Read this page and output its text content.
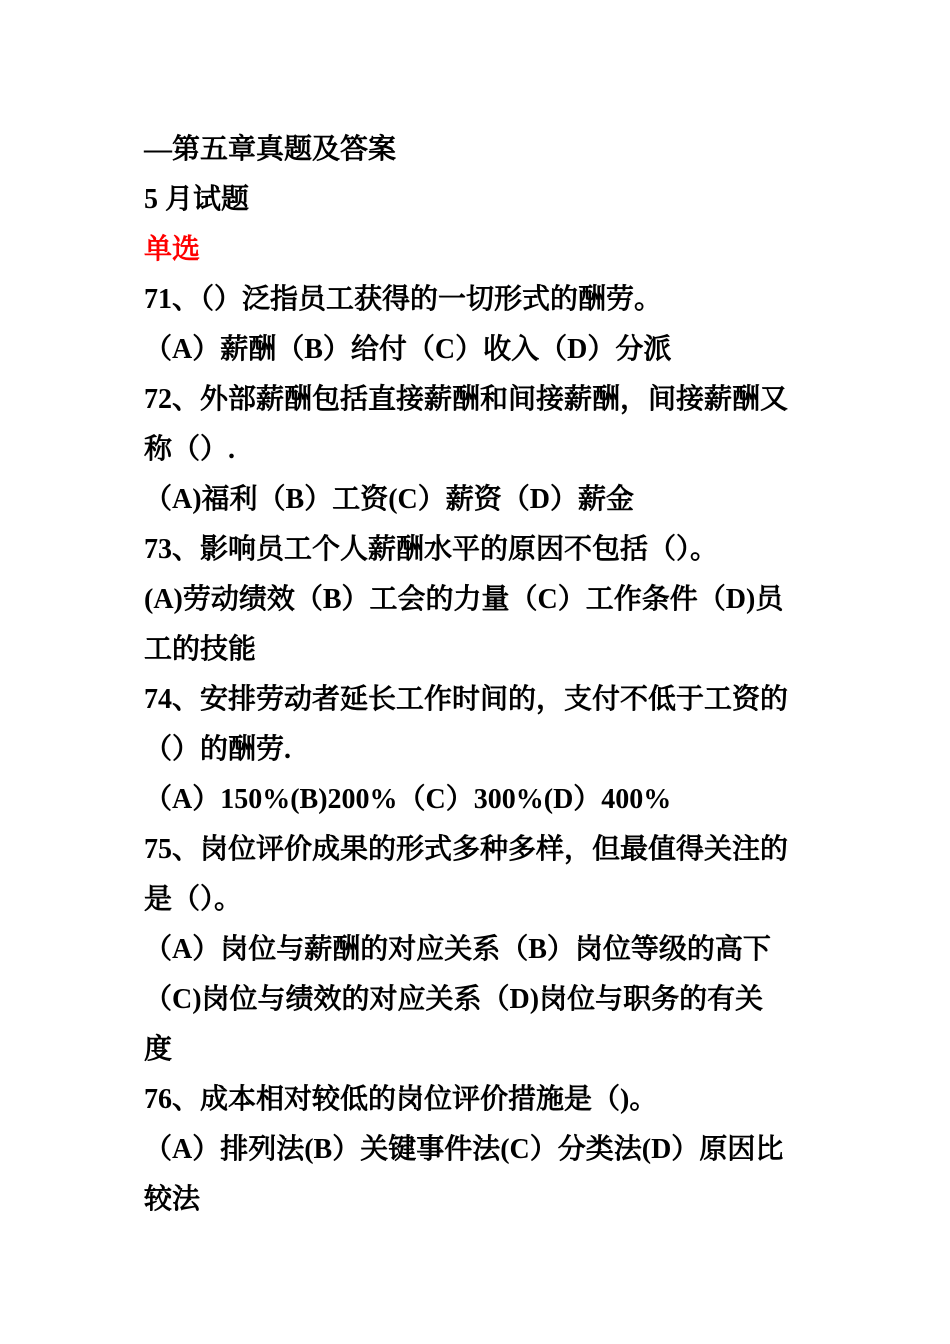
—第五章真题及答案
5 月试题
单选
71、（）泛指员工获得的一切形式的酬劳。
（A）薪酬（B）给付（C）收入（D）分派
72、外部薪酬包括直接薪酬和间接薪酬，间接薪酬又
称（）.
（A)福利（B）工资(C）薪资（D）薪金
73、影响员工个人薪酬水平的原因不包括（）。
(A)劳动绩效（B）工会的力量（C）工作条件（D)员
工的技能
74、安排劳动者延长工作时间的，支付不低于工资的
（）的酬劳.
（A）150%(B)200%（C）300%(D）400%
75、岗位评价成果的形式多种多样，但最值得关注的
是（）。
（A）岗位与薪酬的对应关系（B）岗位等级的高下
（C)岗位与绩效的对应关系（D)岗位与职务的有关
度
76、成本相对较低的岗位评价措施是（)。
（A）排列法(B）关键事件法(C）分类法(D）原因比
较法
